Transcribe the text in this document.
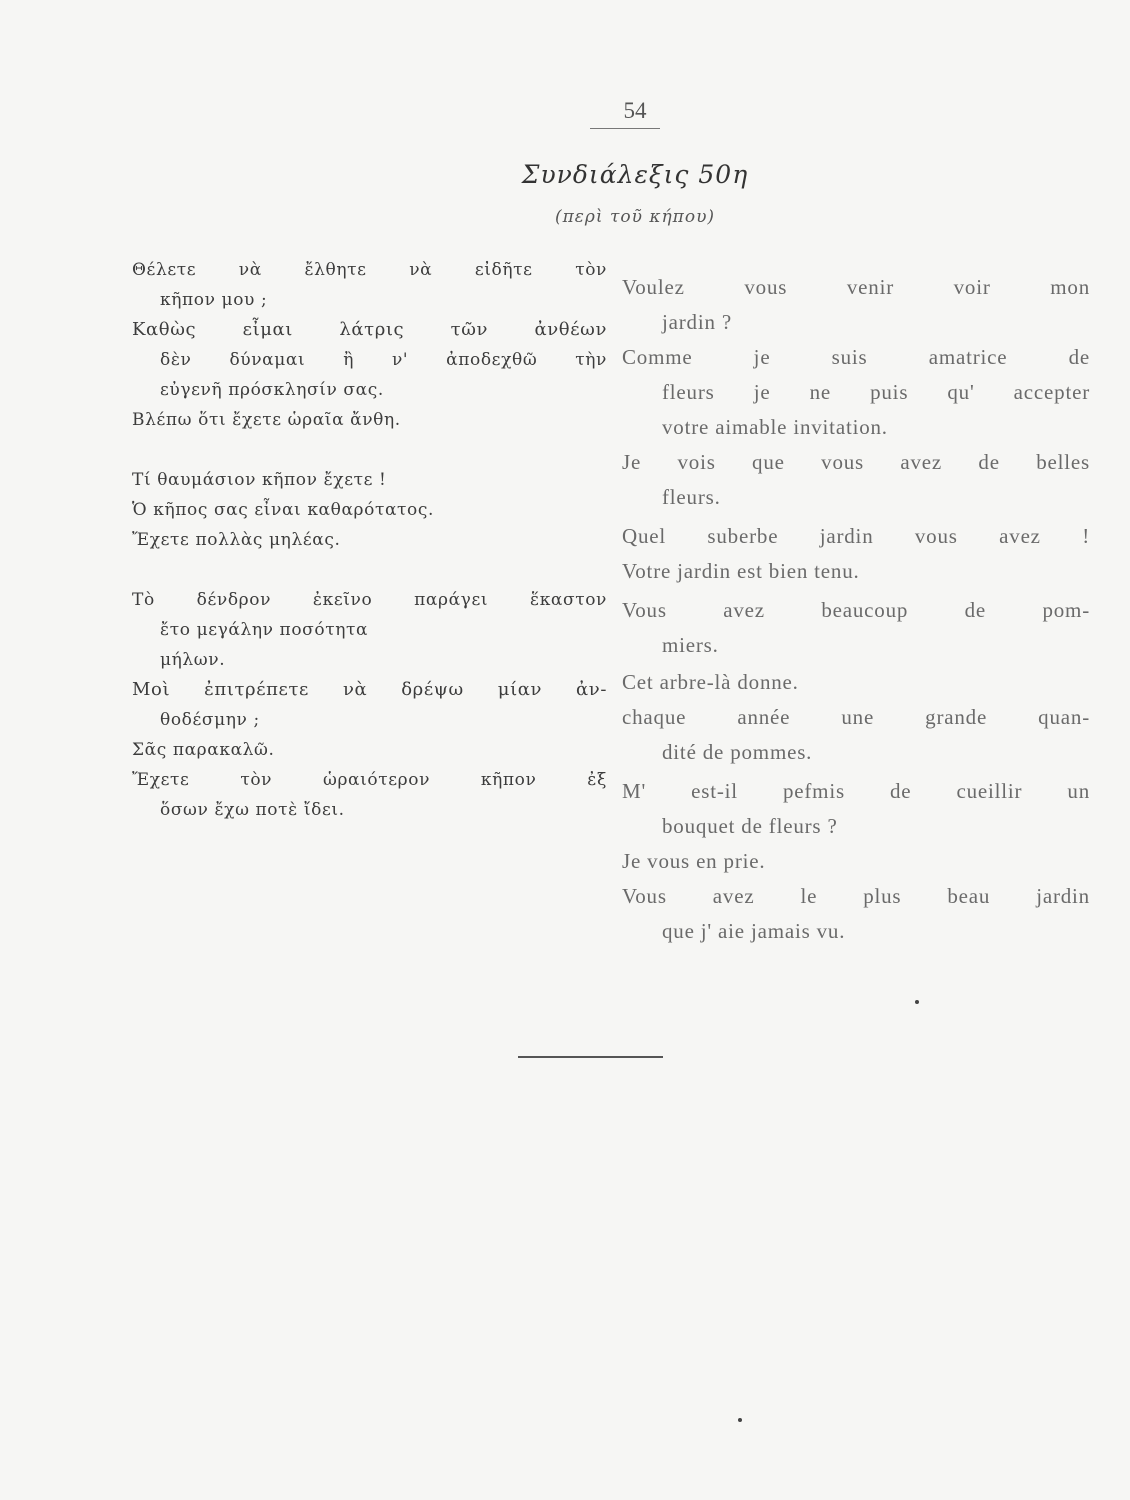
54
Συνδιάλεξις 50η
(περὶ τοῦ κήπου)
Θέλετε νὰ ἔλθητε νὰ εἰδῆτε τὸν
κῆπον μου ;
Καθὼς εἶμαι λάτρις τῶν ἀνθέων
δὲν δύναμαι ἢ ν' ἀποδεχθῶ τὴν
εὐγενῆ πρόσκλησίν σας.
Βλέπω ὅτι ἔχετε ὡραῖα ἄνθη.
Τί θαυμάσιον κῆπον ἔχετε !
Ὁ κῆπος σας εἶναι καθαρότατος.
Ἔχετε πολλὰς μηλέας.
Τὸ δένδρον ἐκεῖνο παράγει ἕκαστον
ἔτο μεγάλην ποσότητα
μήλων.
Μοὶ ἐπιτρέπετε νὰ δρέψω μίαν ἀν-
θοδέσμην ;
Σᾶς παρακαλῶ.
Ἔχετε τὸν ὡραιότερον κῆπον ἐξ
ὅσων ἔχω ποτὲ ἴδει.
Voulez vous venir voir mon
jardin ?
Comme je suis amatrice de
fleurs je ne puis qu' accepter
votre aimable invitation.
Je vois que vous avez de belles
fleurs.
Quel suberbe jardin vous avez !
Votre jardin est bien tenu.
Vous avez beaucoup de pom-
miers.
Cet arbre-là donne.
chaque année une grande quan-
dité de pommes.
M' est-il pefmis de cueillir un
bouquet de fleurs ?
Je vous en prie.
Vous avez le plus beau jardin
que j' aie jamais vu.
